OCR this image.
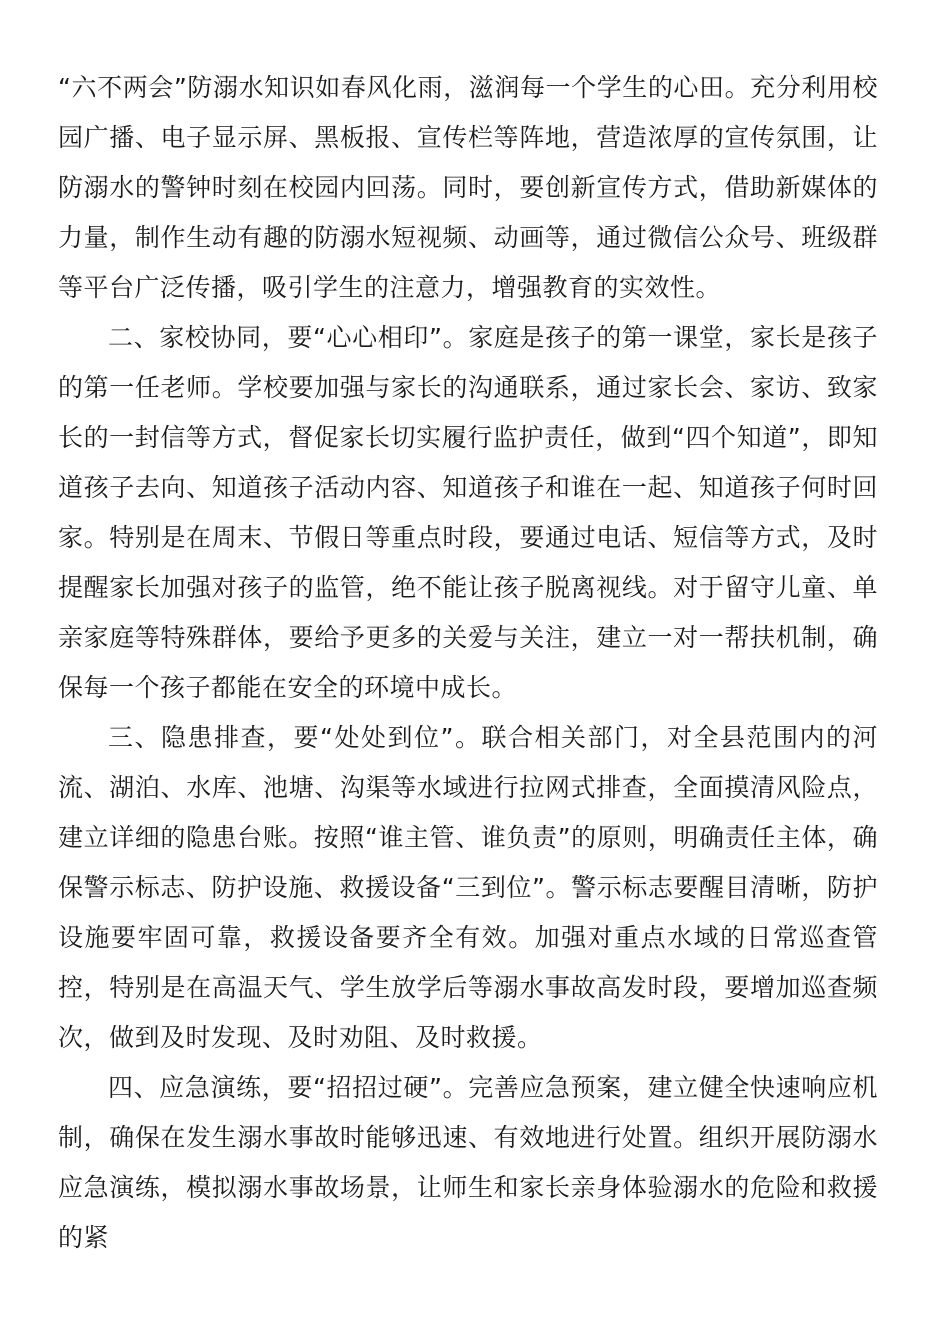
“六不两会”防溺水知识如春风化雨，滋润每一个学生的心田。充分利用校园广播、电子显示屏、黑板报、宣传栏等阵地，营造浓厚的宣传氛围，让防溺水的警钟时刻在校园内回荡。同时，要创新宣传方式，借助新媒体的力量，制作生动有趣的防溺水短视频、动画等，通过微信公众号、班级群等平台广泛传播，吸引学生的注意力，增强教育的实效性。

二、家校协同，要“心心相印”。家庭是孩子的第一课堂，家长是孩子的第一任老师。学校要加强与家长的沟通联系，通过家长会、家访、致家长的一封信等方式，督促家长切实履行监护责任，做到“四个知道”，即知道孩子去向、知道孩子活动内容、知道孩子和谁在一起、知道孩子何时回家。特别是在周末、节假日等重点时段，要通过电话、短信等方式，及时提醒家长加强对孩子的监管，绝不能让孩子脱离视线。对于留守儿童、单亲家庭等特殊群体，要给予更多的关爱与关注，建立一对一帮扶机制，确保每一个孩子都能在安全的环境中成长。

三、隐患排查，要“处处到位”。联合相关部门，对全县范围内的河流、湖泊、水库、池塘、沟渠等水域进行拉网式排查，全面摸清风险点，建立详细的隐患台账。按照“谁主管、谁负责”的原则，明确责任主体，确保警示标志、防护设施、救援设备“三到位”。警示标志要醒目清晰，防护设施要牢固可靠，救援设备要齐全有效。加强对重点水域的日常巡查管控，特别是在高温天气、学生放学后等溺水事故高发时段，要增加巡查频次，做到及时发现、及时劝阻、及时救援。

四、应急演练，要“招招过硬”。完善应急预案，建立健全快速响应机制，确保在发生溺水事故时能够迅速、有效地进行处置。组织开展防溺水应急演练，模拟溺水事故场景，让师生和家长亲身体验溺水的危险和救援的紧
